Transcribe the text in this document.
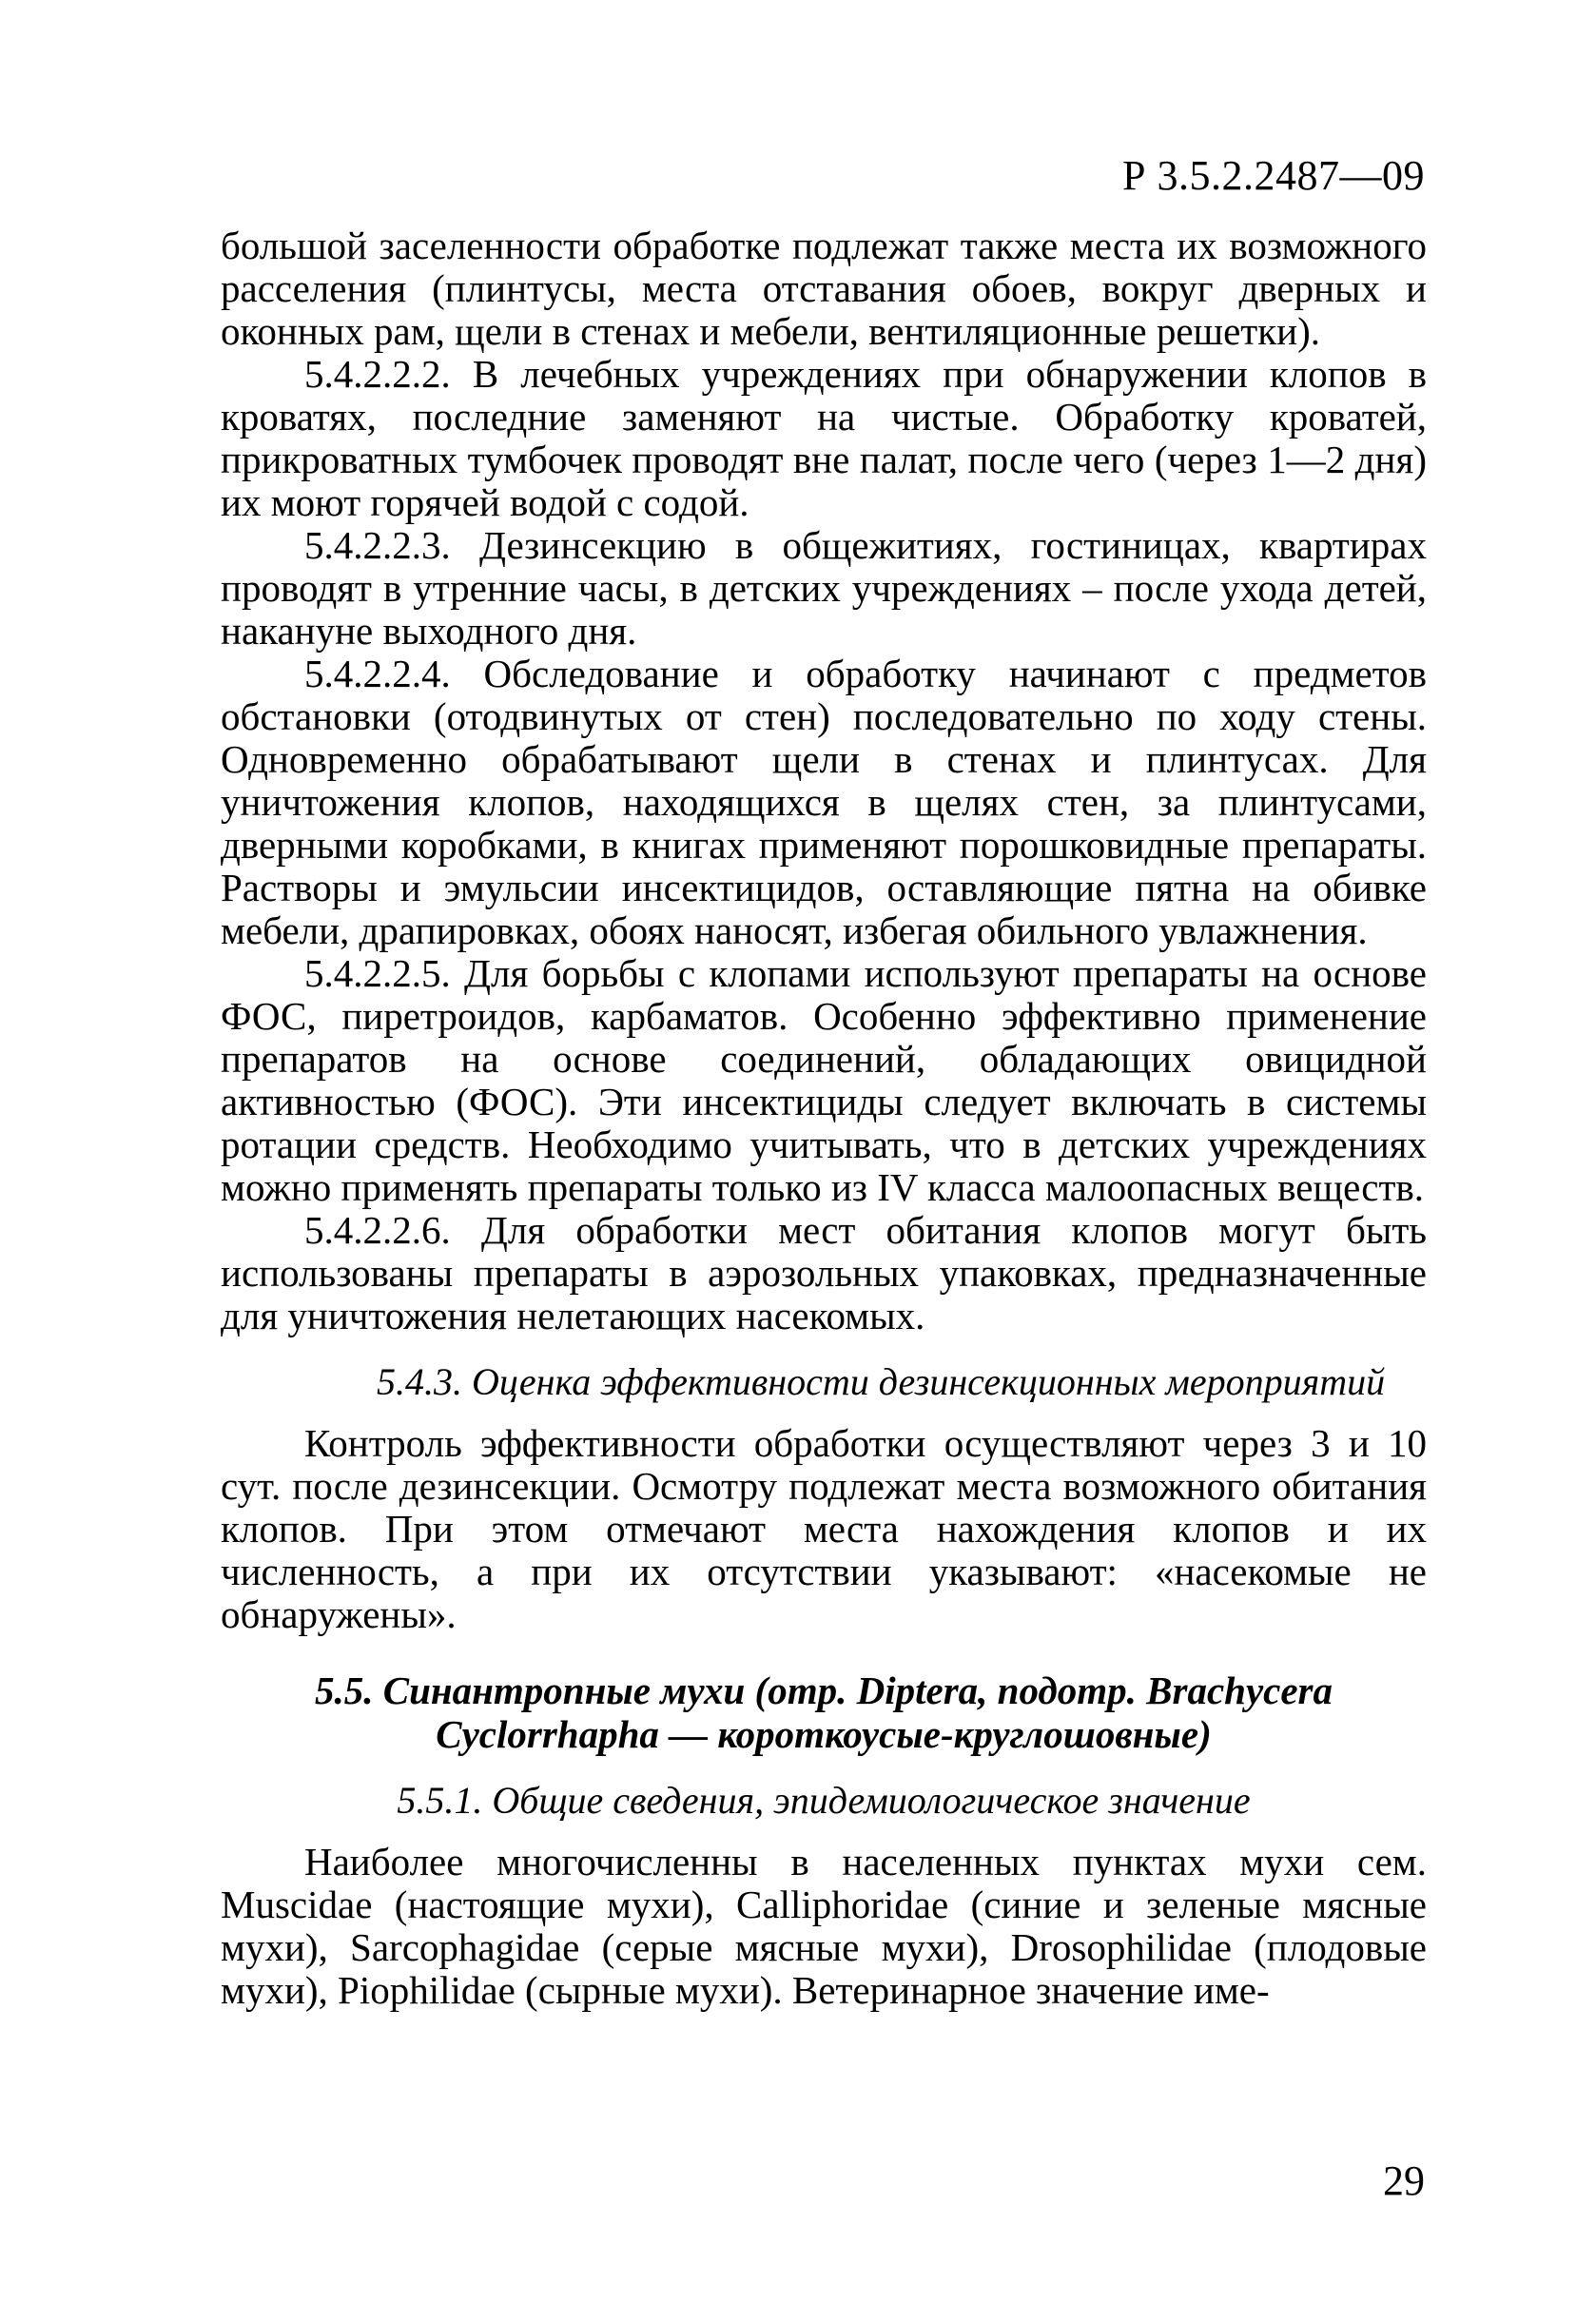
Р 3.5.2.2487—09

большой заселенности обработке подлежат также места их возможного расселения (плинтусы, места отставания обоев, вокруг дверных и оконных рам, щели в стенах и мебели, вентиляционные решетки).

5.4.2.2.2. В лечебных учреждениях при обнаружении клопов в кроватях, последние заменяют на чистые. Обработку кроватей, прикроватных тумбочек проводят вне палат, после чего (через 1—2 дня) их моют горячей водой с содой.

5.4.2.2.3. Дезинсекцию в общежитиях, гостиницах, квартирах проводят в утренние часы, в детских учреждениях – после ухода детей, накануне выходного дня.

5.4.2.2.4. Обследование и обработку начинают с предметов обстановки (отодвинутых от стен) последовательно по ходу стены. Одновременно обрабатывают щели в стенах и плинтусах. Для уничтожения клопов, находящихся в щелях стен, за плинтусами, дверными коробками, в книгах применяют порошковидные препараты. Растворы и эмульсии инсектицидов, оставляющие пятна на обивке мебели, драпировках, обоях наносят, избегая обильного увлажнения.

5.4.2.2.5. Для борьбы с клопами используют препараты на основе ФОС, пиретроидов, карбаматов. Особенно эффективно применение препаратов на основе соединений, обладающих овицидной активностью (ФОС). Эти инсектициды следует включать в системы ротации средств. Необходимо учитывать, что в детских учреждениях можно применять препараты только из IV класса малоопасных веществ.

5.4.2.2.6. Для обработки мест обитания клопов могут быть использованы препараты в аэрозольных упаковках, предназначенные для уничтожения нелетающих насекомых.

5.4.3. Оценка эффективности дезинсекционных мероприятий

Контроль эффективности обработки осуществляют через 3 и 10 сут. после дезинсекции. Осмотру подлежат места возможного обитания клопов. При этом отмечают места нахождения клопов и их численность, а при их отсутствии указывают: «насекомые не обнаружены».

5.5. Синантропные мухи (отр. Diptera, подотр. Brachycera
Cyclorrhapha — короткоусые-круглошовные)
5.5.1. Общие сведения, эпидемиологическое значение

Наиболее многочисленны в населенных пунктах мухи сем. Muscidae (настоящие мухи), Calliphoridae (синие и зеленые мясные мухи), Sarcophagidae (серые мясные мухи), Drosophilidae (плодовые мухи), Piophilidae (сырные мухи). Ветеринарное значение име-

29
